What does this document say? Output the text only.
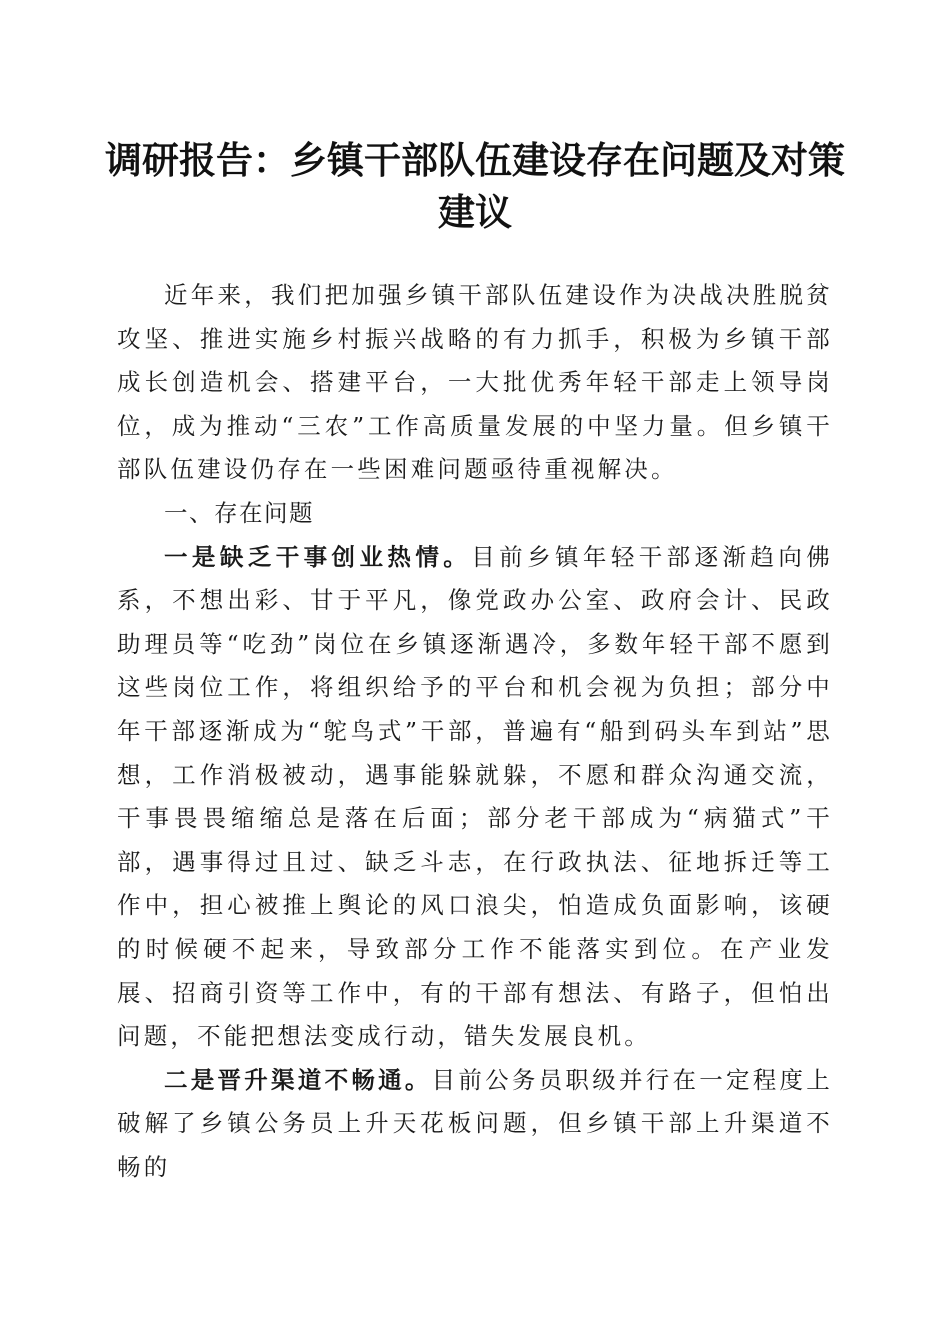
调研报告：乡镇干部队伍建设存在问题及对策
建议

近年来，我们把加强乡镇干部队伍建设作为决战决胜脱贫攻坚、推进实施乡村振兴战略的有力抓手，积极为乡镇干部成长创造机会、搭建平台，一大批优秀年轻干部走上领导岗位，成为推动“三农”工作高质量发展的中坚力量。但乡镇干部队伍建设仍存在一些困难问题亟待重视解决。

一、存在问题

一是缺乏干事创业热情。目前乡镇年轻干部逐渐趋向佛系，不想出彩、甘于平凡，像党政办公室、政府会计、民政助理员等“吃劲”岗位在乡镇逐渐遇冷，多数年轻干部不愿到这些岗位工作，将组织给予的平台和机会视为负担；部分中年干部逐渐成为“鸵鸟式”干部，普遍有“船到码头车到站”思想，工作消极被动，遇事能躲就躲，不愿和群众沟通交流，干事畏畏缩缩总是落在后面；部分老干部成为“病猫式”干部，遇事得过且过、缺乏斗志，在行政执法、征地拆迁等工作中，担心被推上舆论的风口浪尖，怕造成负面影响，该硬的时候硬不起来，导致部分工作不能落实到位。在产业发展、招商引资等工作中，有的干部有想法、有路子，但怕出问题，不能把想法变成行动，错失发展良机。

二是晋升渠道不畅通。目前公务员职级并行在一定程度上破解了乡镇公务员上升天花板问题，但乡镇干部上升渠道不畅的
